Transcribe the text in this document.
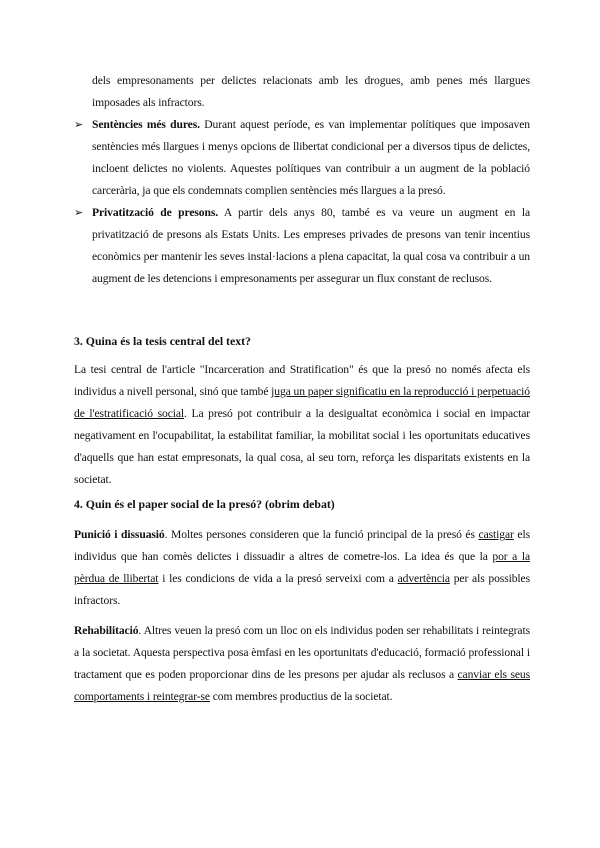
dels empresonaments per delictes relacionats amb les drogues, amb penes més llargues imposades als infractors.

➢ Sentències més dures. Durant aquest període, es van implementar polítiques que imposaven sentències més llargues i menys opcions de llibertat condicional per a diversos tipus de delictes, incloent delictes no violents. Aquestes polítiques van contribuir a un augment de la població carcerària, ja que els condemnats complien sentències més llargues a la presó.

➢ Privatització de presons. A partir dels anys 80, també es va veure un augment en la privatització de presons als Estats Units. Les empreses privades de presons van tenir incentius econòmics per mantenir les seves instal·lacions a plena capacitat, la qual cosa va contribuir a un augment de les detencions i empresonaments per assegurar un flux constant de reclusos.

3. Quina és la tesis central del text?

La tesi central de l'article "Incarceration and Stratification" és que la presó no només afecta els individus a nivell personal, sinó que també juga un paper significatiu en la reproducció i perpetuació de l'estratificació social. La presó pot contribuir a la desigualtat econòmica i social en impactar negativament en l'ocupabilitat, la estabilitat familiar, la mobilitat social i les oportunitats educatives d'aquells que han estat empresonats, la qual cosa, al seu torn, reforça les disparitats existents en la societat.

4. Quin és el paper social de la presó? (obrim debat)

Punició i dissuasió. Moltes persones consideren que la funció principal de la presó és castigar els individus que han comès delictes i dissuadir a altres de cometre-los. La idea és que la por a la pèrdua de llibertat i les condicions de vida a la presó serveixi com a advertència per als possibles infractors.

Rehabilitació. Altres veuen la presó com un lloc on els individus poden ser rehabilitats i reintegrats a la societat. Aquesta perspectiva posa èmfasi en les oportunitats d'educació, formació professional i tractament que es poden proporcionar dins de les presons per ajudar als reclusos a canviar els seus comportaments i reintegrar-se com membres productius de la societat.
